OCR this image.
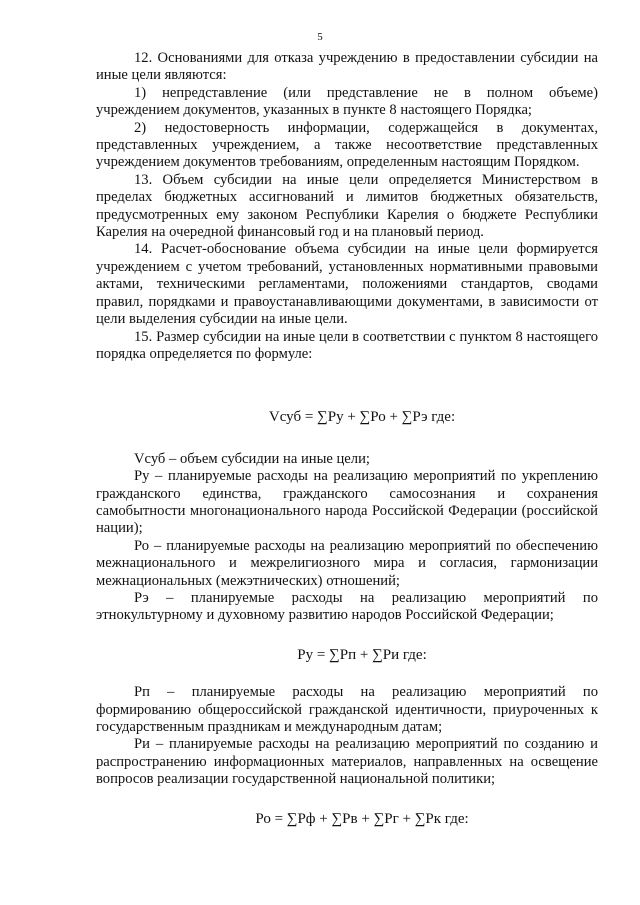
5

12. Основаниями для отказа учреждению в предоставлении субсидии на иные цели являются:

1) непредставление (или представление не в полном объеме) учреждением документов, указанных в пункте 8 настоящего Порядка;

2) недостоверность информации, содержащейся в документах, представленных учреждением, а также несоответствие представленных учреждением документов требованиям, определенным настоящим Порядком.

13. Объем субсидии на иные цели определяется Министерством в пределах бюджетных ассигнований и лимитов бюджетных обязательств, предусмотренных ему законом Республики Карелия о бюджете Республики Карелия на очередной финансовый год и на плановый период.

14. Расчет-обоснование объема субсидии на иные цели формируется учреждением с учетом требований, установленных нормативными правовыми актами, техническими регламентами, положениями стандартов, сводами правил, порядками и правоустанавливающими документами, в зависимости от цели выделения субсидии на иные цели.

15. Размер субсидии на иные цели в соответствии с пунктом 8 настоящего порядка определяется по формуле:

Vсуб = ∑Ру + ∑Ро + ∑Рэ где:

Vсуб – объем субсидии на иные цели;

Ру – планируемые расходы на реализацию мероприятий по укреплению гражданского единства, гражданского самосознания и сохранения самобытности многонационального народа Российской Федерации (российской нации);

Ро – планируемые расходы на реализацию мероприятий по обеспечению межнационального и межрелигиозного мира и согласия, гармонизации межнациональных (межэтнических) отношений;

Рэ – планируемые расходы на реализацию мероприятий по этнокультурному и духовному развитию народов Российской Федерации;

Ру = ∑Рп + ∑Ри где:

Рп – планируемые расходы на реализацию мероприятий по формированию общероссийской гражданской идентичности, приуроченных к государственным праздникам и международным датам;

Ри – планируемые расходы на реализацию мероприятий по созданию и распространению информационных материалов, направленных на освещение вопросов реализации государственной национальной политики;

Ро = ∑Рф + ∑Рв + ∑Рг + ∑Рк где:
